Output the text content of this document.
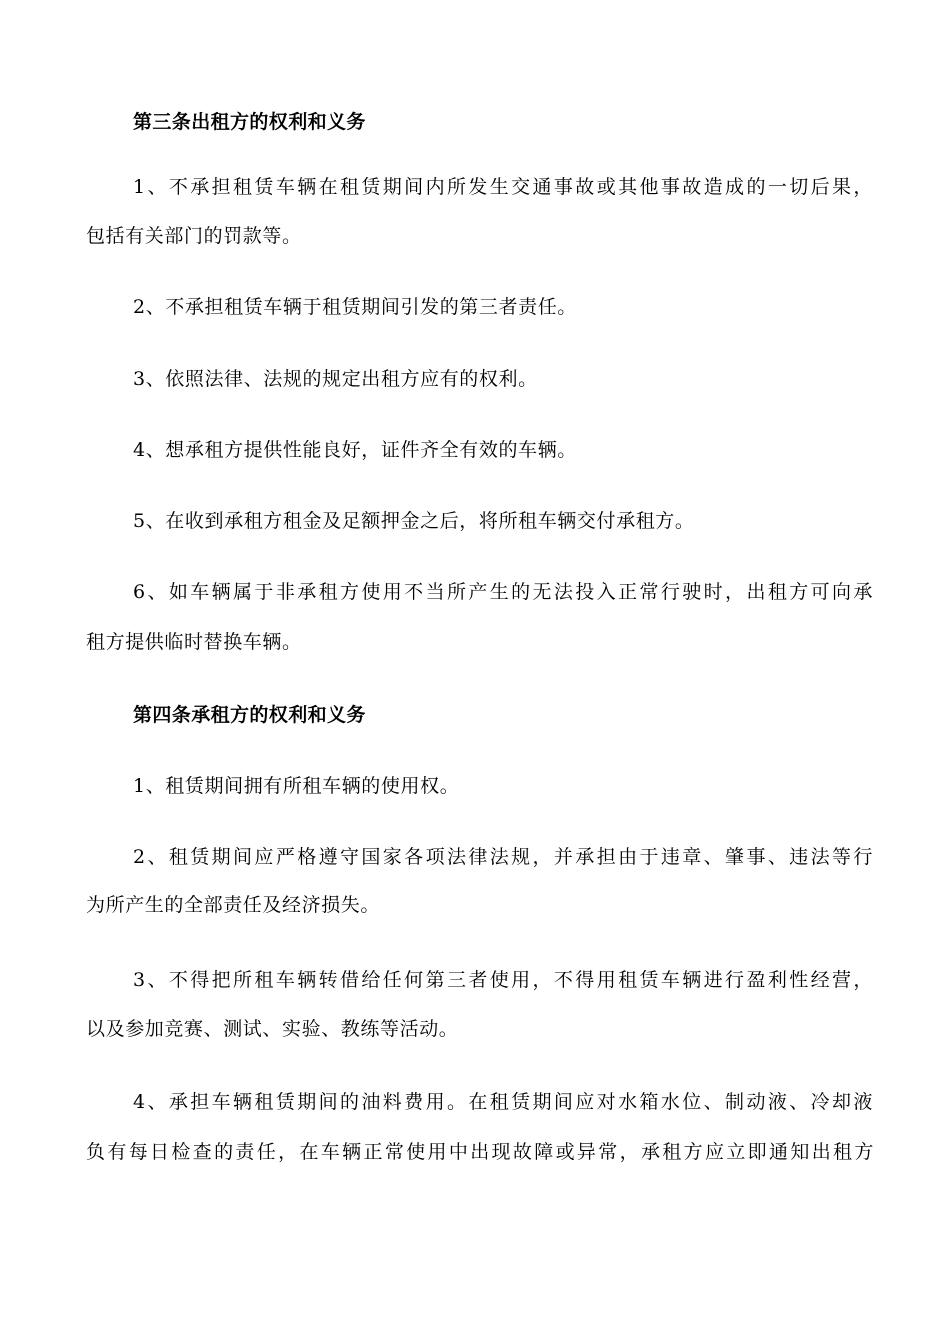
第三条出租方的权利和义务
1、不承担租赁车辆在租赁期间内所发生交通事故或其他事故造成的一切后果，
包括有关部门的罚款等。
2、不承担租赁车辆于租赁期间引发的第三者责任。
3、依照法律、法规的规定出租方应有的权利。
4、想承租方提供性能良好，证件齐全有效的车辆。
5、在收到承租方租金及足额押金之后，将所租车辆交付承租方。
6、如车辆属于非承租方使用不当所产生的无法投入正常行驶时，出租方可向承
租方提供临时替换车辆。
第四条承租方的权利和义务
1、租赁期间拥有所租车辆的使用权。
2、租赁期间应严格遵守国家各项法律法规，并承担由于违章、肇事、违法等行
为所产生的全部责任及经济损失。
3、不得把所租车辆转借给任何第三者使用，不得用租赁车辆进行盈利性经营，
以及参加竞赛、测试、实验、教练等活动。
4、承担车辆租赁期间的油料费用。在租赁期间应对水箱水位、制动液、冷却液
负有每日检查的责任，在车辆正常使用中出现故障或异常，承租方应立即通知出租方
